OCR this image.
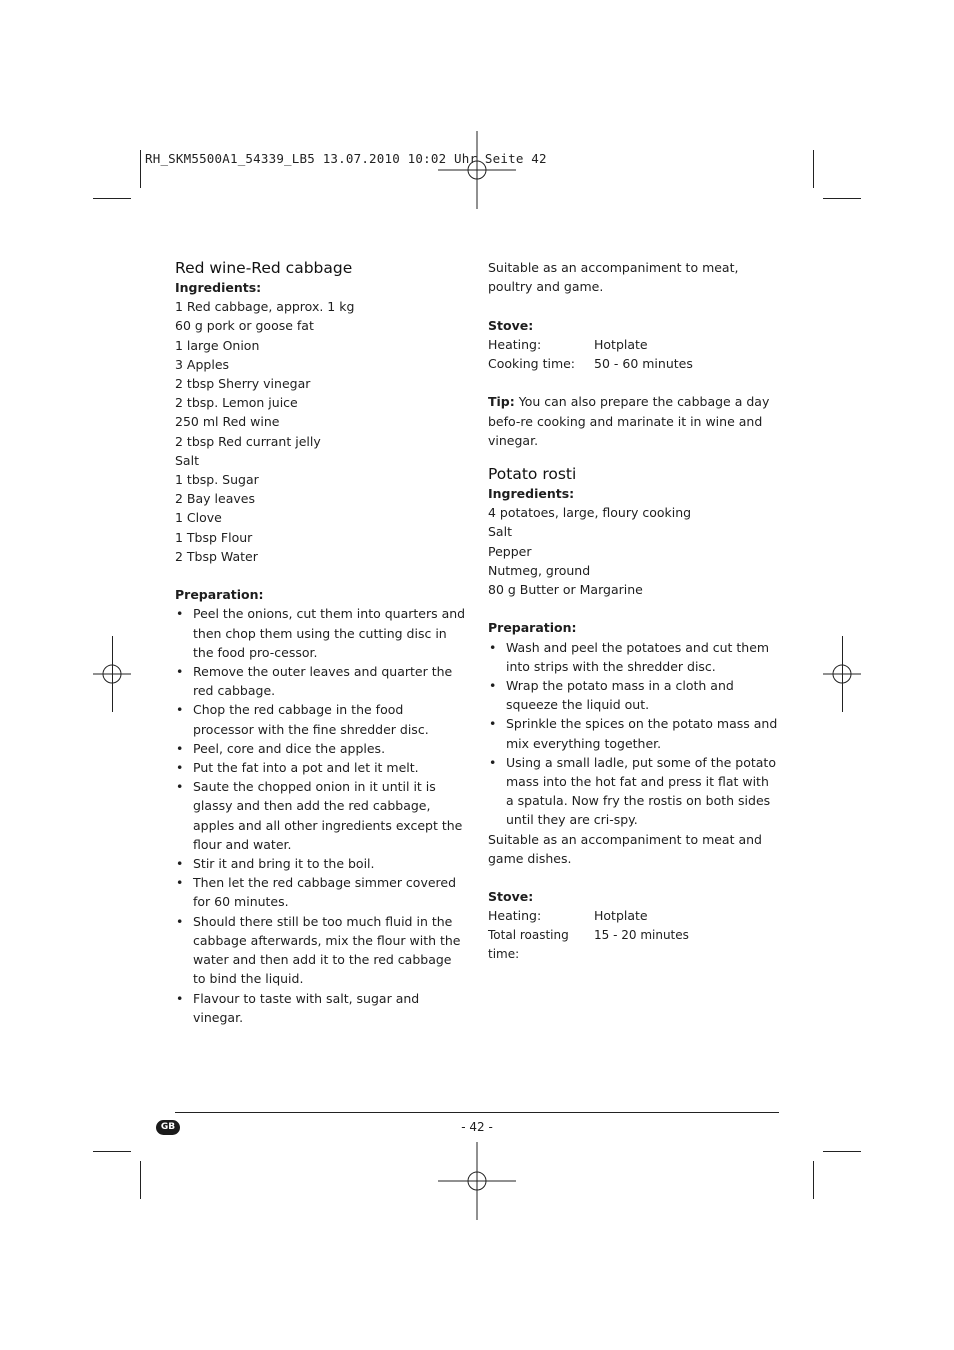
RH_SKM5500A1_54339_LB5 13.07.2010 10:02 Uhr Seite 42
Red wine-Red cabbage
Ingredients:
1 Red cabbage, approx. 1 kg
60 g pork or goose fat
1 large Onion
3 Apples
2 tbsp Sherry vinegar
2 tbsp. Lemon juice
250 ml Red wine
2 tbsp Red currant jelly
Salt
1 tbsp. Sugar
2 Bay leaves
1 Clove
1 Tbsp Flour
2 Tbsp Water
Preparation:
• Peel the onions, cut them into quarters and then chop them using the cutting disc in the food pro-cessor.
• Remove the outer leaves and quarter the red cabbage.
• Chop the red cabbage in the food processor with the fine shredder disc.
• Peel, core and dice the apples.
• Put the fat into a pot and let it melt.
• Saute the chopped onion in it until it is glassy and then add the red cabbage, apples and all other ingredients except the flour and water.
• Stir it and bring it to the boil.
• Then let the red cabbage simmer covered for 60 minutes.
• Should there still be too much fluid in the cabbage afterwards, mix the flour with the water and then add it to the red cabbage to bind the liquid.
• Flavour to taste with salt, sugar and vinegar.
Suitable as an accompaniment to meat, poultry and game.
Stove:
Heating:	Hotplate
Cooking time:	50 - 60 minutes
Tip: You can also prepare the cabbage a day befo-re cooking and marinate it in wine and vinegar.
Potato rosti
Ingredients:
4 potatoes, large, floury cooking
Salt
Pepper
Nutmeg, ground
80 g Butter or Margarine
Preparation:
• Wash and peel the potatoes and cut them into strips with the shredder disc.
• Wrap the potato mass in a cloth and squeeze the liquid out.
• Sprinkle the spices on the potato mass and mix everything together.
• Using a small ladle, put some of the potato mass into the hot fat and press it flat with a spatula. Now fry the rostis on both sides until they are cri-spy.
Suitable as an accompaniment to meat and game dishes.
Stove:
Heating:	Hotplate
Total roasting time:
15 - 20 minutes
GB	- 42 -
